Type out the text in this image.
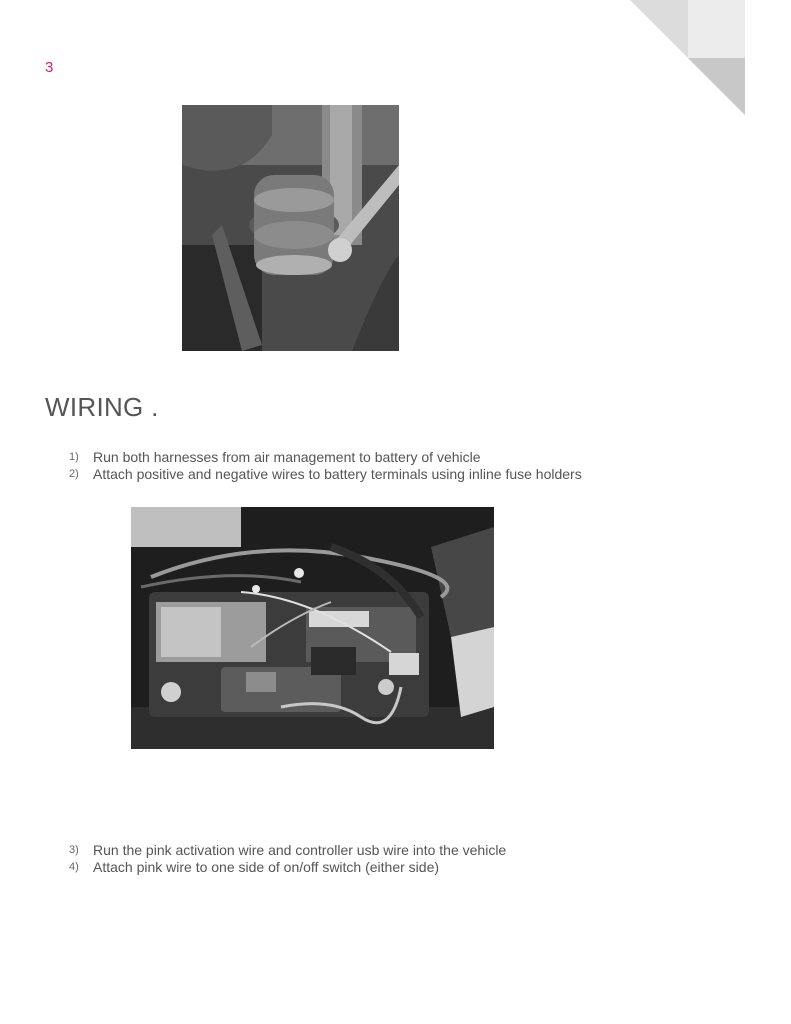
3
WIRING .
1)	Run both harnesses from air management to battery of vehicle
2)	Attach positive and negative wires to battery terminals using inline fuse holders
3)	Run the pink activation wire and controller usb wire into the vehicle
4)	Attach pink wire to one side of on/off switch (either side)
